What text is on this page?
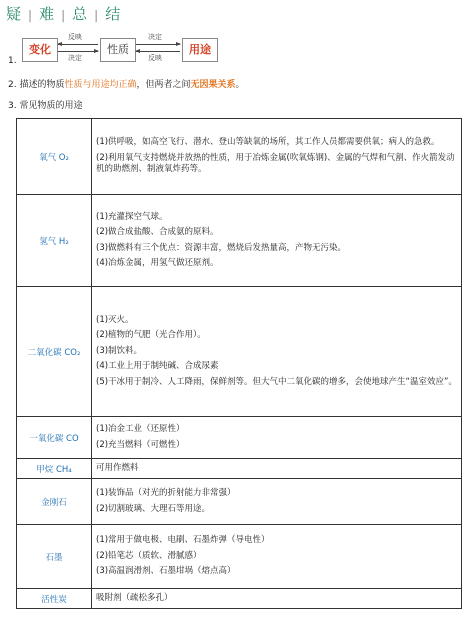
疑 | 难 | 总 | 结
1.
变化
反映
决定
性质
决定
反映
用途
2. 描述的物质性质与用途均正确，但两者之间无因果关系。
3. 常见物质的用途
氧气 O₂	(1)供呼吸，如高空飞行、潜水、登山等缺氧的场所，其工作人员都需要供氧；病人的急救。
(2)利用氧气支持燃烧并放热的性质，用于冶炼金属(吹氧炼钢)、金属的气焊和气割、作火箭发动机的助燃剂、制液氧炸药等。

氢气 H₂	(1)充灌探空气球。
(2)做合成盐酸、合成氨的原料。
(3)做燃料有三个优点：资源丰富，燃烧后发热量高，产物无污染。
(4)冶炼金属，用氢气做还原剂。

二氧化碳 CO₂	(1)灭火。
(2)植物的气肥（光合作用）。
(3)制饮料。
(4)工业上用于制纯碱、合成尿素
(5)干冰用于制冷、人工降雨，保鲜剂等。但大气中二氧化碳的增多，会使地球产生“温室效应”。

一氧化碳 CO	(1)冶金工业（还原性）
(2)充当燃料（可燃性）

甲烷 CH₄	可用作燃料

金刚石	(1)装饰品（对光的折射能力非常强）
(2)切割玻璃、大理石等用途。

石墨	(1)常用于做电极、电刷、石墨炸弹（导电性）
(2)铅笔芯（质软、滑腻感）
(3)高温润滑剂、石墨坩埚（熔点高）

活性炭	吸附剂（疏松多孔）
